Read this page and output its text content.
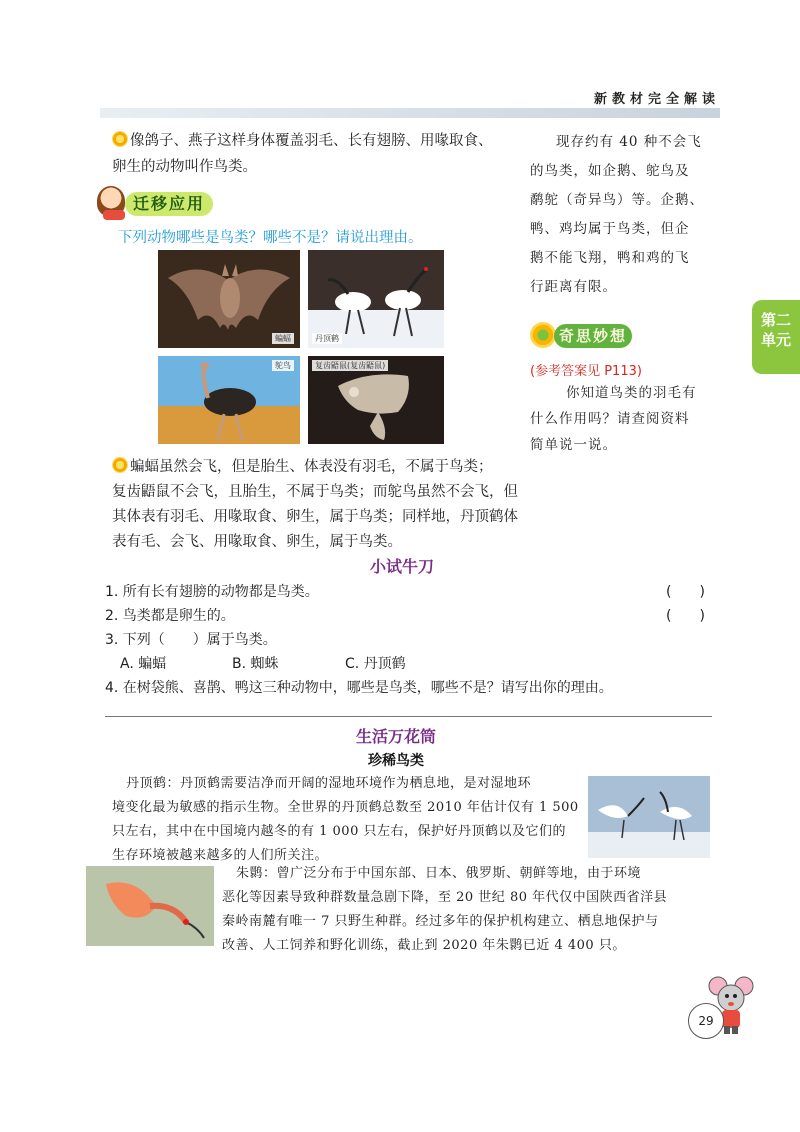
新教材完全解读
第二
单元
像鸽子、燕子这样身体覆盖羽毛、长有翅膀、用喙取食、
卵生的动物叫作鸟类。
现存约有 40 种不会飞
的鸟类，如企鹅、鸵鸟及
鹬鸵（奇异鸟）等。企鹅、
鸭、鸡均属于鸟类，但企
鹅不能飞翔，鸭和鸡的飞
行距离有限。
迁移应用
下列动物哪些是鸟类？哪些不是？请说出理由。
蝙蝠	丹顶鹤
鸵鸟	复齿鼯鼠(复齿鼯鼠)
奇思妙想
(参考答案见 P113)
你知道鸟类的羽毛有
什么作用吗？请查阅资料
简单说一说。
蝙蝠虽然会飞，但是胎生、体表没有羽毛，不属于鸟类；
复齿鼯鼠不会飞，且胎生，不属于鸟类；而鸵鸟虽然不会飞，但
其体表有羽毛、用喙取食、卵生，属于鸟类；同样地，丹顶鹤体
表有毛、会飞、用喙取食、卵生，属于鸟类。
小试牛刀
1. 所有长有翅膀的动物都是鸟类。	(　　)
2. 鸟类都是卵生的。	(　　)
3. 下列（　　）属于鸟类。
A. 蝙蝠	B. 蜘蛛	C. 丹顶鹤
4. 在树袋熊、喜鹊、鸭这三种动物中，哪些是鸟类，哪些不是？请写出你的理由。
生活万花筒
珍稀鸟类
丹顶鹤：丹顶鹤需要洁净而开阔的湿地环境作为栖息地，是对湿地环
境变化最为敏感的指示生物。全世界的丹顶鹤总数至 2010 年估计仅有 1 500
只左右，其中在中国境内越冬的有 1 000 只左右，保护好丹顶鹤以及它们的
生存环境被越来越多的人们所关注。
朱鹮：曾广泛分布于中国东部、日本、俄罗斯、朝鲜等地，由于环境
恶化等因素导致种群数量急剧下降，至 20 世纪 80 年代仅中国陕西省洋县
秦岭南麓有唯一 7 只野生种群。经过多年的保护机构建立、栖息地保护与
改善、人工饲养和野化训练，截止到 2020 年朱鹮已近 4 400 只。
29
